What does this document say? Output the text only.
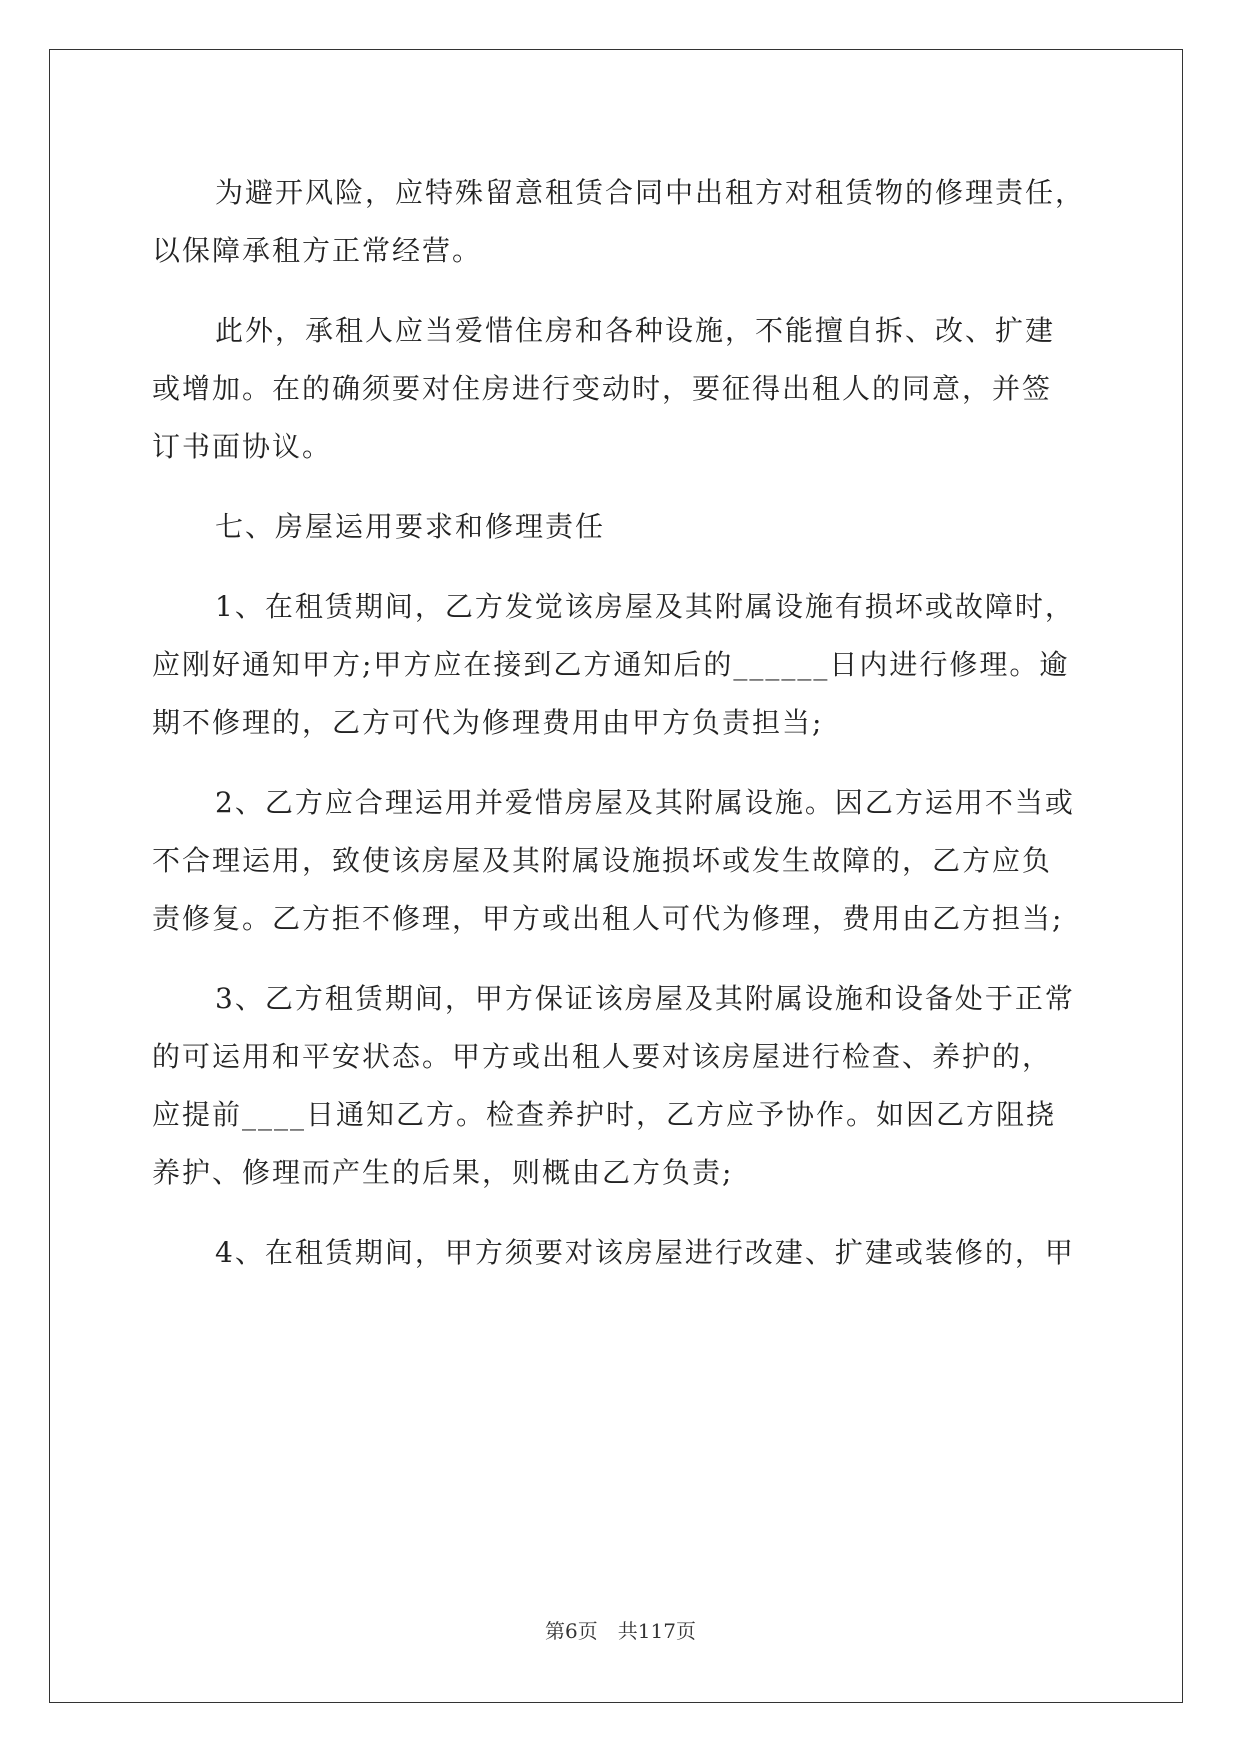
为避开风险，应特殊留意租赁合同中出租方对租赁物的修理责任，
以保障承租方正常经营。
此外，承租人应当爱惜住房和各种设施，不能擅自拆、改、扩建
或增加。在的确须要对住房进行变动时，要征得出租人的同意，并签
订书面协议。
七、房屋运用要求和修理责任
1、在租赁期间，乙方发觉该房屋及其附属设施有损坏或故障时，
应刚好通知甲方;甲方应在接到乙方通知后的______日内进行修理。逾
期不修理的，乙方可代为修理费用由甲方负责担当;
2、乙方应合理运用并爱惜房屋及其附属设施。因乙方运用不当或
不合理运用，致使该房屋及其附属设施损坏或发生故障的，乙方应负
责修复。乙方拒不修理，甲方或出租人可代为修理，费用由乙方担当;
3、乙方租赁期间，甲方保证该房屋及其附属设施和设备处于正常
的可运用和平安状态。甲方或出租人要对该房屋进行检查、养护的，
应提前____日通知乙方。检查养护时，乙方应予协作。如因乙方阻挠
养护、修理而产生的后果，则概由乙方负责;
4、在租赁期间，甲方须要对该房屋进行改建、扩建或装修的，甲
第6页　共117页
